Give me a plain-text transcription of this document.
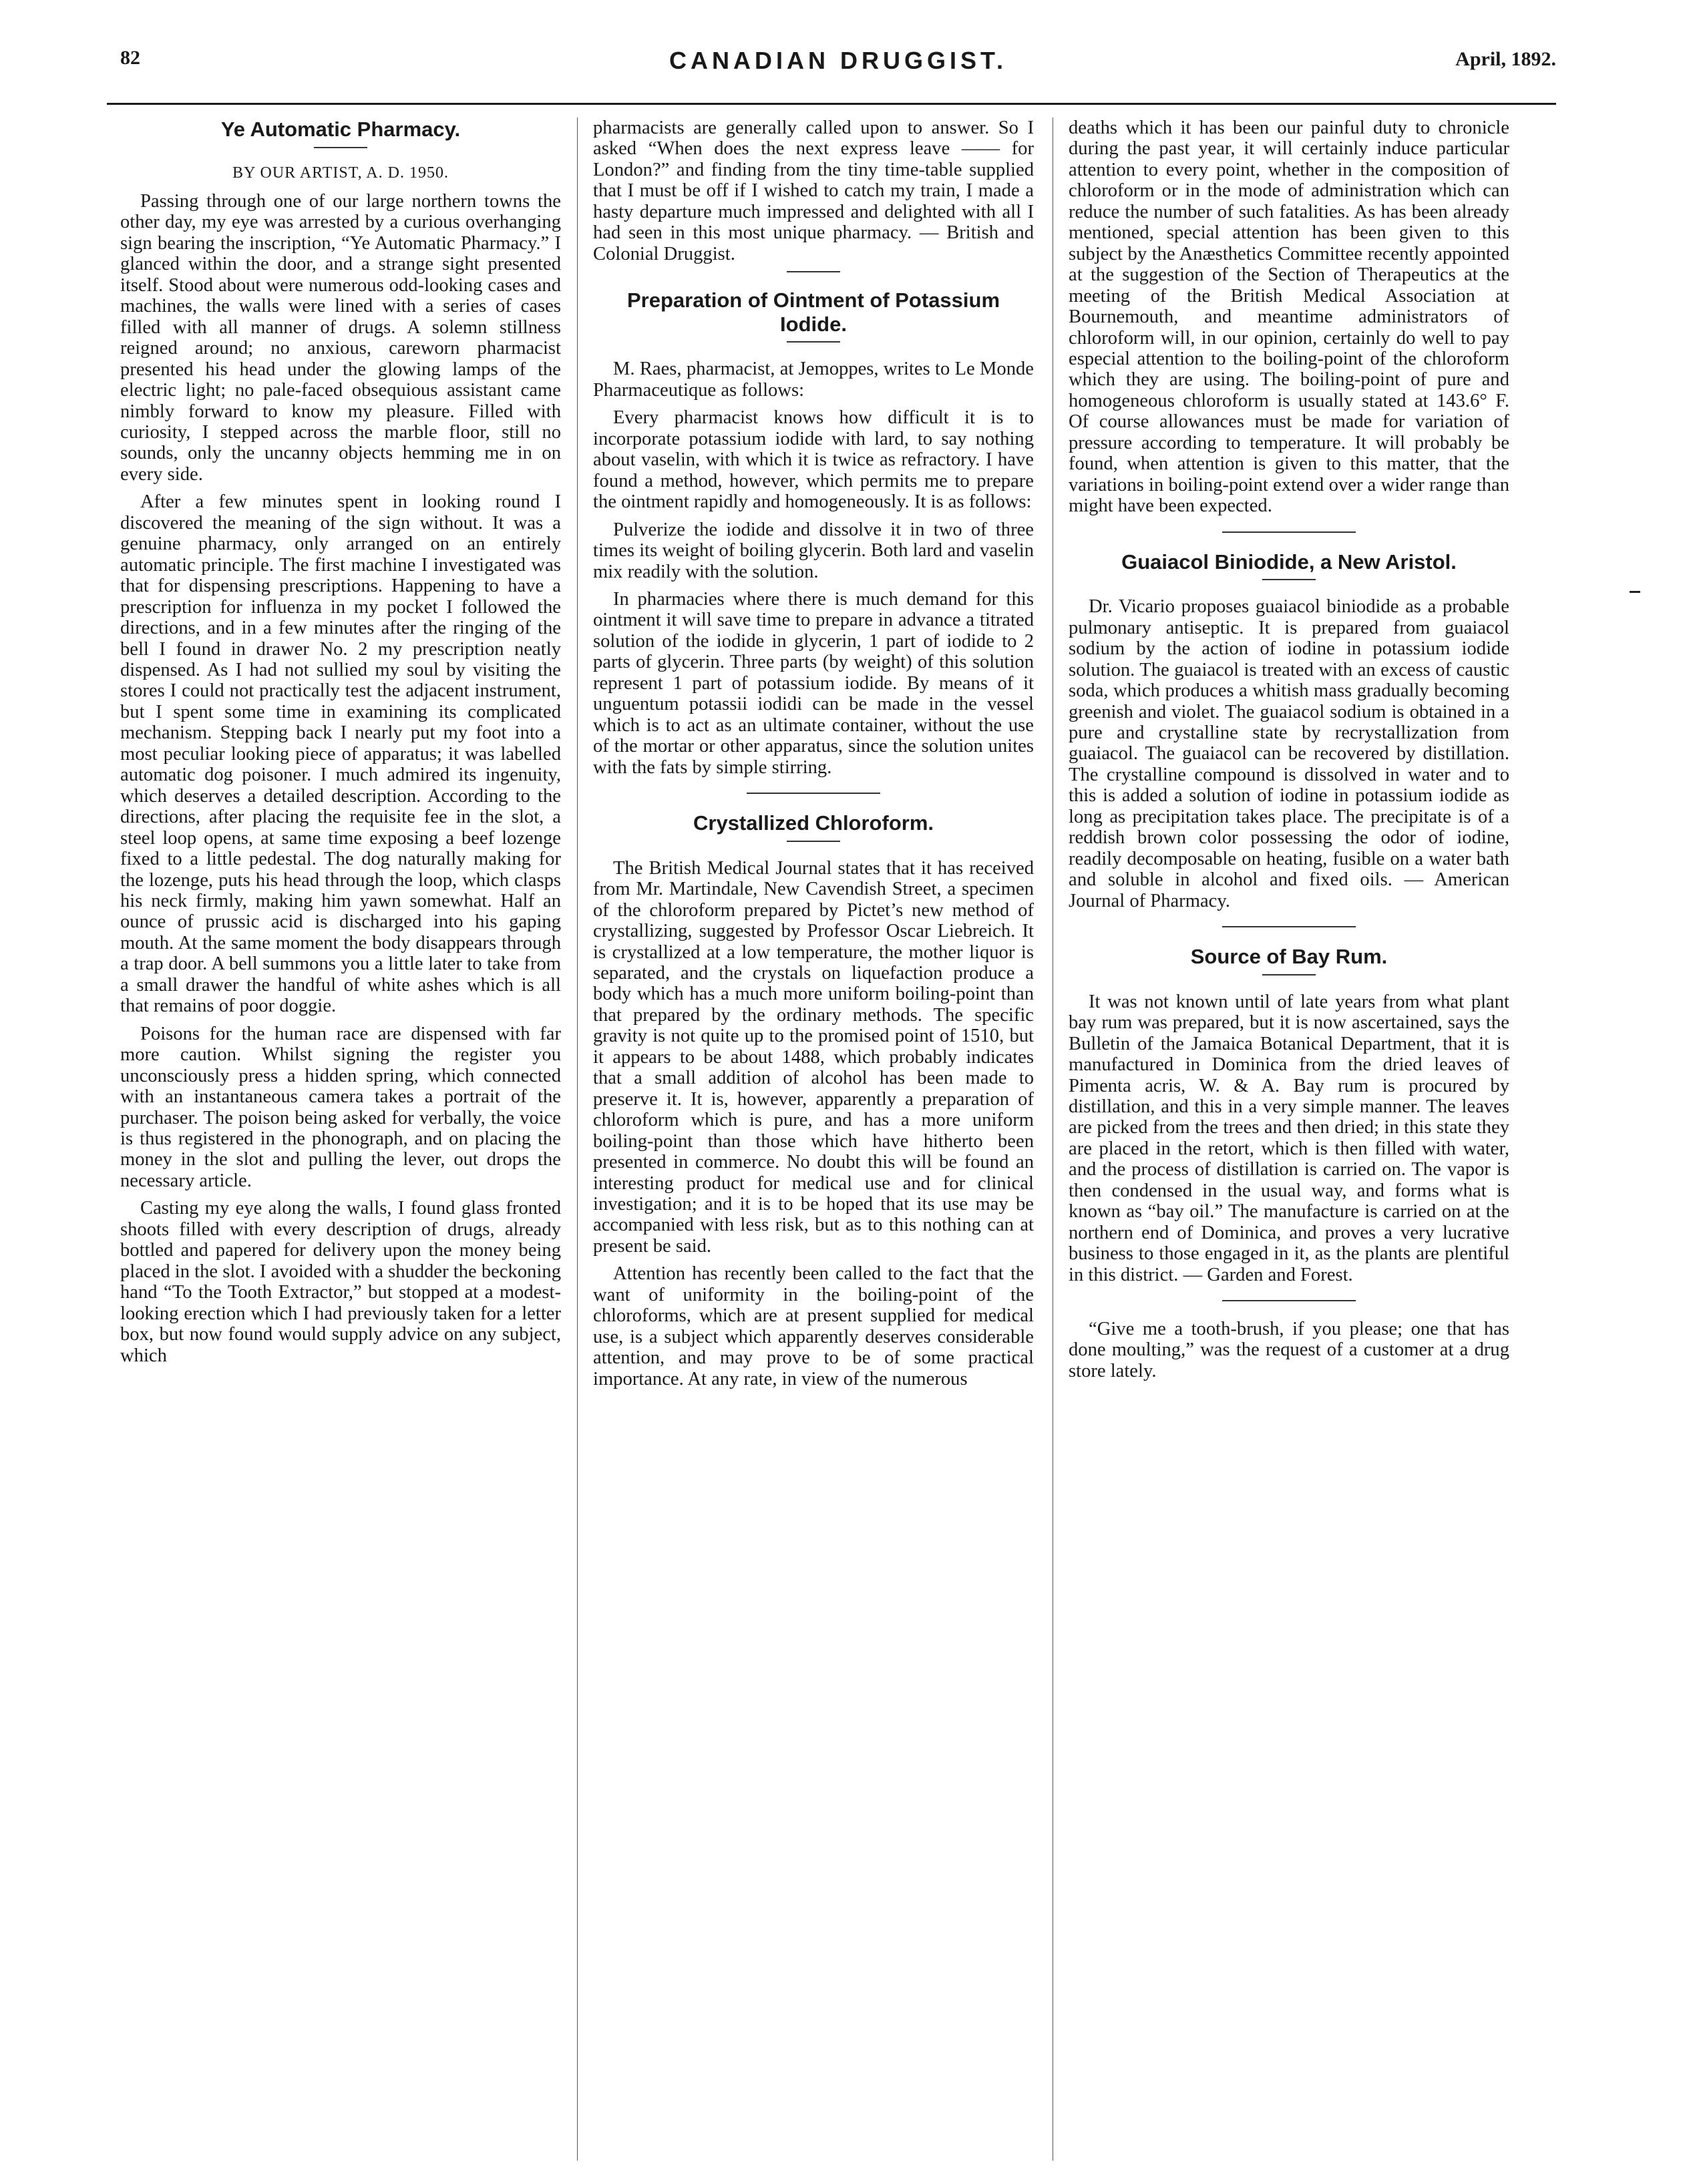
82	CANADIAN DRUGGIST.	April, 1892.
Ye Automatic Pharmacy.
BY OUR ARTIST, A. D. 1950.

Passing through one of our large northern towns the other day, my eye was arrested by a curious overhanging sign bearing the inscription, “Ye Automatic Pharmacy.” I glanced within the door, and a strange sight presented itself. Stood about were numerous odd-looking cases and machines, the walls were lined with a series of cases filled with all manner of drugs. A solemn stillness reigned around; no anxious, careworn pharmacist presented his head under the glowing lamps of the electric light; no pale-faced obsequious assistant came nimbly forward to know my pleasure. Filled with curiosity, I stepped across the marble floor, still no sounds, only the uncanny objects hemming me in on every side.

After a few minutes spent in looking round I discovered the meaning of the sign without. It was a genuine pharmacy, only arranged on an entirely automatic principle. The first machine I investigated was that for dispensing prescriptions. Happening to have a prescription for influenza in my pocket I followed the directions, and in a few minutes after the ringing of the bell I found in drawer No. 2 my prescription neatly dispensed. As I had not sullied my soul by visiting the stores I could not practically test the adjacent instrument, but I spent some time in examining its complicated mechanism. Stepping back I nearly put my foot into a most peculiar looking piece of apparatus; it was labelled automatic dog poisoner. I much admired its ingenuity, which deserves a detailed description. According to the directions, after placing the requisite fee in the slot, a steel loop opens, at same time exposing a beef lozenge fixed to a little pedestal. The dog naturally making for the lozenge, puts his head through the loop, which clasps his neck firmly, making him yawn somewhat. Half an ounce of prussic acid is discharged into his gaping mouth. At the same moment the body disappears through a trap door. A bell summons you a little later to take from a small drawer the handful of white ashes which is all that remains of poor doggie.

Poisons for the human race are dispensed with far more caution. Whilst signing the register you unconsciously press a hidden spring, which connected with an instantaneous camera takes a portrait of the purchaser. The poison being asked for verbally, the voice is thus registered in the phonograph, and on placing the money in the slot and pulling the lever, out drops the necessary article.

Casting my eye along the walls, I found glass fronted shoots filled with every description of drugs, already bottled and papered for delivery upon the money being placed in the slot. I avoided with a shudder the beckoning hand “To the Tooth Extractor,” but stopped at a modest-looking erection which I had previously taken for a letter box, but now found would supply advice on any subject, which

pharmacists are generally called upon to answer. So I asked “When does the next express leave —— for London?” and finding from the tiny time-table supplied that I must be off if I wished to catch my train, I made a hasty departure much impressed and delighted with all I had seen in this most unique pharmacy. — British and Colonial Druggist.

Preparation of Ointment of Potassium Iodide.

M. Raes, pharmacist, at Jemoppes, writes to Le Monde Pharmaceutique as follows:

Every pharmacist knows how difficult it is to incorporate potassium iodide with lard, to say nothing about vaselin, with which it is twice as refractory. I have found a method, however, which permits me to prepare the ointment rapidly and homogeneously. It is as follows:

Pulverize the iodide and dissolve it in two of three times its weight of boiling glycerin. Both lard and vaselin mix readily with the solution.

In pharmacies where there is much demand for this ointment it will save time to prepare in advance a titrated solution of the iodide in glycerin, 1 part of iodide to 2 parts of glycerin. Three parts (by weight) of this solution represent 1 part of potassium iodide. By means of it unguentum potassii iodidi can be made in the vessel which is to act as an ultimate container, without the use of the mortar or other apparatus, since the solution unites with the fats by simple stirring.

Crystallized Chloroform.

The British Medical Journal states that it has received from Mr. Martindale, New Cavendish Street, a specimen of the chloroform prepared by Pictet’s new method of crystallizing, suggested by Professor Oscar Liebreich. It is crystallized at a low temperature, the mother liquor is separated, and the crystals on liquefaction produce a body which has a much more uniform boiling-point than that prepared by the ordinary methods. The specific gravity is not quite up to the promised point of 1510, but it appears to be about 1488, which probably indicates that a small addition of alcohol has been made to preserve it. It is, however, apparently a preparation of chloroform which is pure, and has a more uniform boiling-point than those which have hitherto been presented in commerce. No doubt this will be found an interesting product for medical use and for clinical investigation; and it is to be hoped that its use may be accompanied with less risk, but as to this nothing can at present be said.

Attention has recently been called to the fact that the want of uniformity in the boiling-point of the chloroforms, which are at present supplied for medical use, is a subject which apparently deserves considerable attention, and may prove to be of some practical importance. At any rate, in view of the numerous

deaths which it has been our painful duty to chronicle during the past year, it will certainly induce particular attention to every point, whether in the composition of chloroform or in the mode of administration which can reduce the number of such fatalities. As has been already mentioned, special attention has been given to this subject by the Anæsthetics Committee recently appointed at the suggestion of the Section of Therapeutics at the meeting of the British Medical Association at Bournemouth, and meantime administrators of chloroform will, in our opinion, certainly do well to pay especial attention to the boiling-point of the chloroform which they are using. The boiling-point of pure and homogeneous chloroform is usually stated at 143.6° F. Of course allowances must be made for variation of pressure according to temperature. It will probably be found, when attention is given to this matter, that the variations in boiling-point extend over a wider range than might have been expected.

Guaiacol Biniodide, a New Aristol.

Dr. Vicario proposes guaiacol biniodide as a probable pulmonary antiseptic. It is prepared from guaiacol sodium by the action of iodine in potassium iodide solution. The guaiacol is treated with an excess of caustic soda, which produces a whitish mass gradually becoming greenish and violet. The guaiacol sodium is obtained in a pure and crystalline state by recrystallization from guaiacol. The guaiacol can be recovered by distillation. The crystalline compound is dissolved in water and to this is added a solution of iodine in potassium iodide as long as precipitation takes place. The precipitate is of a reddish brown color possessing the odor of iodine, readily decomposable on heating, fusible on a water bath and soluble in alcohol and fixed oils. — American Journal of Pharmacy.

Source of Bay Rum.

It was not known until of late years from what plant bay rum was prepared, but it is now ascertained, says the Bulletin of the Jamaica Botanical Department, that it is manufactured in Dominica from the dried leaves of Pimenta acris, W. & A. Bay rum is procured by distillation, and this in a very simple manner. The leaves are picked from the trees and then dried; in this state they are placed in the retort, which is then filled with water, and the process of distillation is carried on. The vapor is then condensed in the usual way, and forms what is known as “bay oil.” The manufacture is carried on at the northern end of Dominica, and proves a very lucrative business to those engaged in it, as the plants are plentiful in this district. — Garden and Forest.

“Give me a tooth-brush, if you please; one that has done moulting,” was the request of a customer at a drug store lately.
